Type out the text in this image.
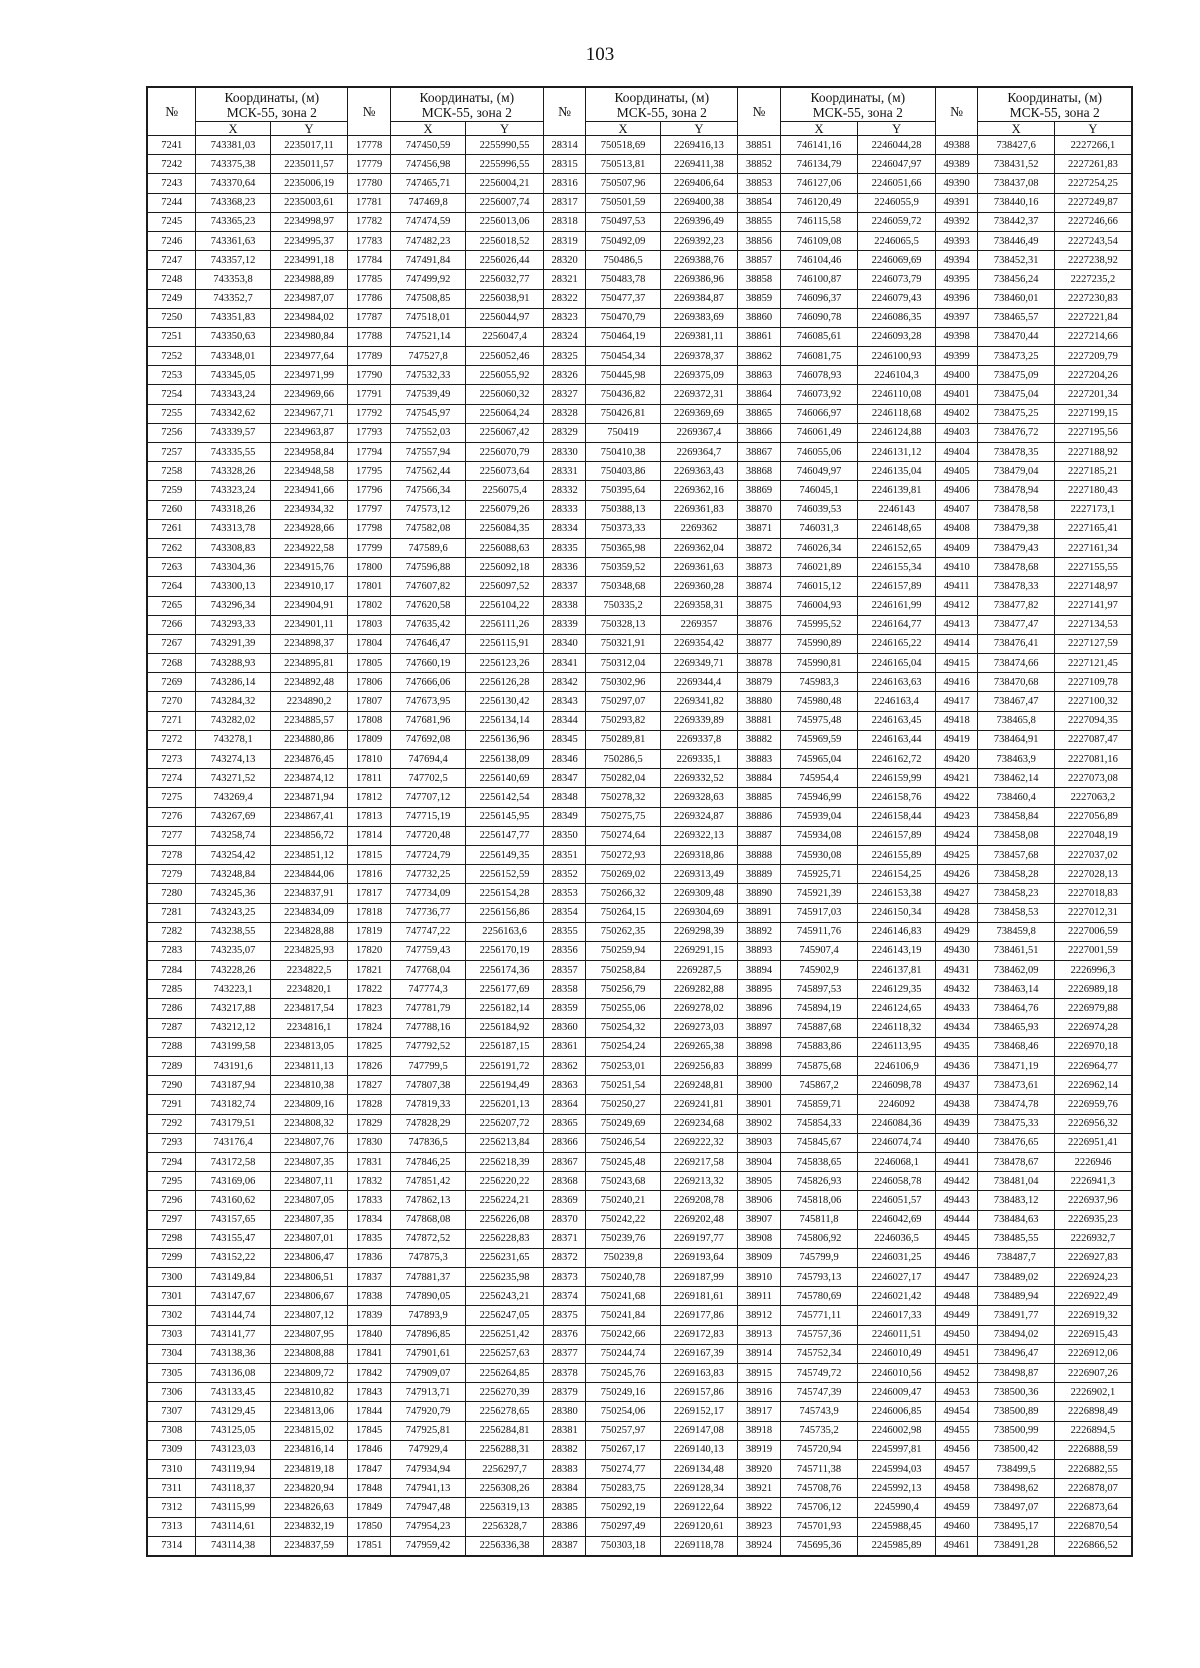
103
№	Координаты, (м)
МСК-55, зона 2		№	Координаты, (м)
МСК-55, зона 2		№	Координаты, (м)
МСК-55, зона 2		№	Координаты, (м)
МСК-55, зона 2		№	Координаты, (м)
МСК-55, зона 2	
	X	Y		X	Y		X	Y		X	Y		X	Y
7241	743381,03	2235017,11	17778	747450,59	2255990,55	28314	750518,69	2269416,13	38851	746141,16	2246044,28	49388	738427,6	2227266,1
7242	743375,38	2235011,57	17779	747456,98	2255996,55	28315	750513,81	2269411,38	38852	746134,79	2246047,97	49389	738431,52	2227261,83
7243	743370,64	2235006,19	17780	747465,71	2256004,21	28316	750507,96	2269406,64	38853	746127,06	2246051,66	49390	738437,08	2227254,25
7244	743368,23	2235003,61	17781	747469,8	2256007,74	28317	750501,59	2269400,38	38854	746120,49	2246055,9	49391	738440,16	2227249,87
7245	743365,23	2234998,97	17782	747474,59	2256013,06	28318	750497,53	2269396,49	38855	746115,58	2246059,72	49392	738442,37	2227246,66
7246	743361,63	2234995,37	17783	747482,23	2256018,52	28319	750492,09	2269392,23	38856	746109,08	2246065,5	49393	738446,49	2227243,54
7247	743357,12	2234991,18	17784	747491,84	2256026,44	28320	750486,5	2269388,76	38857	746104,46	2246069,69	49394	738452,31	2227238,92
7248	743353,8	2234988,89	17785	747499,92	2256032,77	28321	750483,78	2269386,96	38858	746100,87	2246073,79	49395	738456,24	2227235,2
7249	743352,7	2234987,07	17786	747508,85	2256038,91	28322	750477,37	2269384,87	38859	746096,37	2246079,43	49396	738460,01	2227230,83
7250	743351,83	2234984,02	17787	747518,01	2256044,97	28323	750470,79	2269383,69	38860	746090,78	2246086,35	49397	738465,57	2227221,84
7251	743350,63	2234980,84	17788	747521,14	2256047,4	28324	750464,19	2269381,11	38861	746085,61	2246093,28	49398	738470,44	2227214,66
7252	743348,01	2234977,64	17789	747527,8	2256052,46	28325	750454,34	2269378,37	38862	746081,75	2246100,93	49399	738473,25	2227209,79
7253	743345,05	2234971,99	17790	747532,33	2256055,92	28326	750445,98	2269375,09	38863	746078,93	2246104,3	49400	738475,09	2227204,26
7254	743343,24	2234969,66	17791	747539,49	2256060,32	28327	750436,82	2269372,31	38864	746073,92	2246110,08	49401	738475,04	2227201,34
7255	743342,62	2234967,71	17792	747545,97	2256064,24	28328	750426,81	2269369,69	38865	746066,97	2246118,68	49402	738475,25	2227199,15
7256	743339,57	2234963,87	17793	747552,03	2256067,42	28329	750419	2269367,4	38866	746061,49	2246124,88	49403	738476,72	2227195,56
7257	743335,55	2234958,84	17794	747557,94	2256070,79	28330	750410,38	2269364,7	38867	746055,06	2246131,12	49404	738478,35	2227188,92
7258	743328,26	2234948,58	17795	747562,44	2256073,64	28331	750403,86	2269363,43	38868	746049,97	2246135,04	49405	738479,04	2227185,21
7259	743323,24	2234941,66	17796	747566,34	2256075,4	28332	750395,64	2269362,16	38869	746045,1	2246139,81	49406	738478,94	2227180,43
7260	743318,26	2234934,32	17797	747573,12	2256079,26	28333	750388,13	2269361,83	38870	746039,53	2246143	49407	738478,58	2227173,1
7261	743313,78	2234928,66	17798	747582,08	2256084,35	28334	750373,33	2269362	38871	746031,3	2246148,65	49408	738479,38	2227165,41
7262	743308,83	2234922,58	17799	747589,6	2256088,63	28335	750365,98	2269362,04	38872	746026,34	2246152,65	49409	738479,43	2227161,34
7263	743304,36	2234915,76	17800	747596,88	2256092,18	28336	750359,52	2269361,63	38873	746021,89	2246155,34	49410	738478,68	2227155,55
7264	743300,13	2234910,17	17801	747607,82	2256097,52	28337	750348,68	2269360,28	38874	746015,12	2246157,89	49411	738478,33	2227148,97
7265	743296,34	2234904,91	17802	747620,58	2256104,22	28338	750335,2	2269358,31	38875	746004,93	2246161,99	49412	738477,82	2227141,97
7266	743293,33	2234901,11	17803	747635,42	2256111,26	28339	750328,13	2269357	38876	745995,52	2246164,77	49413	738477,47	2227134,53
7267	743291,39	2234898,37	17804	747646,47	2256115,91	28340	750321,91	2269354,42	38877	745990,89	2246165,22	49414	738476,41	2227127,59
7268	743288,93	2234895,81	17805	747660,19	2256123,26	28341	750312,04	2269349,71	38878	745990,81	2246165,04	49415	738474,66	2227121,45
7269	743286,14	2234892,48	17806	747666,06	2256126,28	28342	750302,96	2269344,4	38879	745983,3	2246163,63	49416	738470,68	2227109,78
7270	743284,32	2234890,2	17807	747673,95	2256130,42	28343	750297,07	2269341,82	38880	745980,48	2246163,4	49417	738467,47	2227100,32
7271	743282,02	2234885,57	17808	747681,96	2256134,14	28344	750293,82	2269339,89	38881	745975,48	2246163,45	49418	738465,8	2227094,35
7272	743278,1	2234880,86	17809	747692,08	2256136,96	28345	750289,81	2269337,8	38882	745969,59	2246163,44	49419	738464,91	2227087,47
7273	743274,13	2234876,45	17810	747694,4	2256138,09	28346	750286,5	2269335,1	38883	745965,04	2246162,72	49420	738463,9	2227081,16
7274	743271,52	2234874,12	17811	747702,5	2256140,69	28347	750282,04	2269332,52	38884	745954,4	2246159,99	49421	738462,14	2227073,08
7275	743269,4	2234871,94	17812	747707,12	2256142,54	28348	750278,32	2269328,63	38885	745946,99	2246158,76	49422	738460,4	2227063,2
7276	743267,69	2234867,41	17813	747715,19	2256145,95	28349	750275,75	2269324,87	38886	745939,04	2246158,44	49423	738458,84	2227056,89
7277	743258,74	2234856,72	17814	747720,48	2256147,77	28350	750274,64	2269322,13	38887	745934,08	2246157,89	49424	738458,08	2227048,19
7278	743254,42	2234851,12	17815	747724,79	2256149,35	28351	750272,93	2269318,86	38888	745930,08	2246155,89	49425	738457,68	2227037,02
7279	743248,84	2234844,06	17816	747732,25	2256152,59	28352	750269,02	2269313,49	38889	745925,71	2246154,25	49426	738458,28	2227028,13
7280	743245,36	2234837,91	17817	747734,09	2256154,28	28353	750266,32	2269309,48	38890	745921,39	2246153,38	49427	738458,23	2227018,83
7281	743243,25	2234834,09	17818	747736,77	2256156,86	28354	750264,15	2269304,69	38891	745917,03	2246150,34	49428	738458,53	2227012,31
7282	743238,55	2234828,88	17819	747747,22	2256163,6	28355	750262,35	2269298,39	38892	745911,76	2246146,83	49429	738459,8	2227006,59
7283	743235,07	2234825,93	17820	747759,43	2256170,19	28356	750259,94	2269291,15	38893	745907,4	2246143,19	49430	738461,51	2227001,59
7284	743228,26	2234822,5	17821	747768,04	2256174,36	28357	750258,84	2269287,5	38894	745902,9	2246137,81	49431	738462,09	2226996,3
7285	743223,1	2234820,1	17822	747774,3	2256177,69	28358	750256,79	2269282,88	38895	745897,53	2246129,35	49432	738463,14	2226989,18
7286	743217,88	2234817,54	17823	747781,79	2256182,14	28359	750255,06	2269278,02	38896	745894,19	2246124,65	49433	738464,76	2226979,88
7287	743212,12	2234816,1	17824	747788,16	2256184,92	28360	750254,32	2269273,03	38897	745887,68	2246118,32	49434	738465,93	2226974,28
7288	743199,58	2234813,05	17825	747792,52	2256187,15	28361	750254,24	2269265,38	38898	745883,86	2246113,95	49435	738468,46	2226970,18
7289	743191,6	2234811,13	17826	747799,5	2256191,72	28362	750253,01	2269256,83	38899	745875,68	2246106,9	49436	738471,19	2226964,77
7290	743187,94	2234810,38	17827	747807,38	2256194,49	28363	750251,54	2269248,81	38900	745867,2	2246098,78	49437	738473,61	2226962,14
7291	743182,74	2234809,16	17828	747819,33	2256201,13	28364	750250,27	2269241,81	38901	745859,71	2246092	49438	738474,78	2226959,76
7292	743179,51	2234808,32	17829	747828,29	2256207,72	28365	750249,69	2269234,68	38902	745854,33	2246084,36	49439	738475,33	2226956,32
7293	743176,4	2234807,76	17830	747836,5	2256213,84	28366	750246,54	2269222,32	38903	745845,67	2246074,74	49440	738476,65	2226951,41
7294	743172,58	2234807,35	17831	747846,25	2256218,39	28367	750245,48	2269217,58	38904	745838,65	2246068,1	49441	738478,67	2226946
7295	743169,06	2234807,11	17832	747851,42	2256220,22	28368	750243,68	2269213,32	38905	745826,93	2246058,78	49442	738481,04	2226941,3
7296	743160,62	2234807,05	17833	747862,13	2256224,21	28369	750240,21	2269208,78	38906	745818,06	2246051,57	49443	738483,12	2226937,96
7297	743157,65	2234807,35	17834	747868,08	2256226,08	28370	750242,22	2269202,48	38907	745811,8	2246042,69	49444	738484,63	2226935,23
7298	743155,47	2234807,01	17835	747872,52	2256228,83	28371	750239,76	2269197,77	38908	745806,92	2246036,5	49445	738485,55	2226932,7
7299	743152,22	2234806,47	17836	747875,3	2256231,65	28372	750239,8	2269193,64	38909	745799,9	2246031,25	49446	738487,7	2226927,83
7300	743149,84	2234806,51	17837	747881,37	2256235,98	28373	750240,78	2269187,99	38910	745793,13	2246027,17	49447	738489,02	2226924,23
7301	743147,67	2234806,67	17838	747890,05	2256243,21	28374	750241,68	2269181,61	38911	745780,69	2246021,42	49448	738489,94	2226922,49
7302	743144,74	2234807,12	17839	747893,9	2256247,05	28375	750241,84	2269177,86	38912	745771,11	2246017,33	49449	738491,77	2226919,32
7303	743141,77	2234807,95	17840	747896,85	2256251,42	28376	750242,66	2269172,83	38913	745757,36	2246011,51	49450	738494,02	2226915,43
7304	743138,36	2234808,88	17841	747901,61	2256257,63	28377	750244,74	2269167,39	38914	745752,34	2246010,49	49451	738496,47	2226912,06
7305	743136,08	2234809,72	17842	747909,07	2256264,85	28378	750245,76	2269163,83	38915	745749,72	2246010,56	49452	738498,87	2226907,26
7306	743133,45	2234810,82	17843	747913,71	2256270,39	28379	750249,16	2269157,86	38916	745747,39	2246009,47	49453	738500,36	2226902,1
7307	743129,45	2234813,06	17844	747920,79	2256278,65	28380	750254,06	2269152,17	38917	745743,9	2246006,85	49454	738500,89	2226898,49
7308	743125,05	2234815,02	17845	747925,81	2256284,81	28381	750257,97	2269147,08	38918	745735,2	2246002,98	49455	738500,99	2226894,5
7309	743123,03	2234816,14	17846	747929,4	2256288,31	28382	750267,17	2269140,13	38919	745720,94	2245997,81	49456	738500,42	2226888,59
7310	743119,94	2234819,18	17847	747934,94	2256297,7	28383	750274,77	2269134,48	38920	745711,38	2245994,03	49457	738499,5	2226882,55
7311	743118,37	2234820,94	17848	747941,13	2256308,26	28384	750283,75	2269128,34	38921	745708,76	2245992,13	49458	738498,62	2226878,07
7312	743115,99	2234826,63	17849	747947,48	2256319,13	28385	750292,19	2269122,64	38922	745706,12	2245990,4	49459	738497,07	2226873,64
7313	743114,61	2234832,19	17850	747954,23	2256328,7	28386	750297,49	2269120,61	38923	745701,93	2245988,45	49460	738495,17	2226870,54
7314	743114,38	2234837,59	17851	747959,42	2256336,38	28387	750303,18	2269118,78	38924	745695,36	2245985,89	49461	738491,28	2226866,52
